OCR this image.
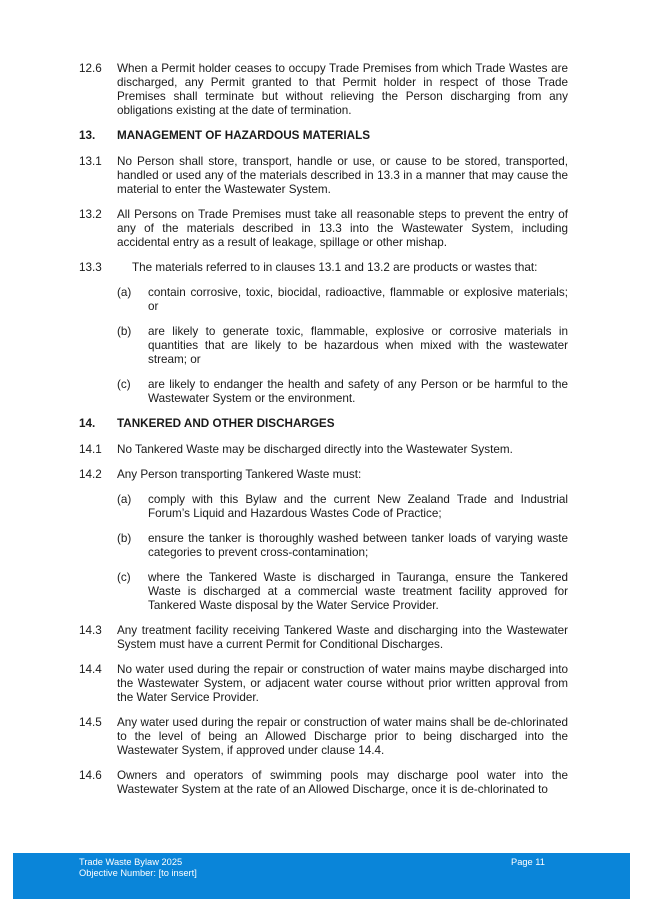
12.6	When a Permit holder ceases to occupy Trade Premises from which Trade Wastes are discharged, any Permit granted to that Permit holder in respect of those Trade Premises shall terminate but without relieving the Person discharging from any obligations existing at the date of termination.
13.	MANAGEMENT OF HAZARDOUS MATERIALS
13.1	No Person shall store, transport, handle or use, or cause to be stored, transported, handled or used any of the materials described in 13.3 in a manner that may cause the material to enter the Wastewater System.
13.2	All Persons on Trade Premises must take all reasonable steps to prevent the entry of any of the materials described in 13.3 into the Wastewater System, including accidental entry as a result of leakage, spillage or other mishap.
13.3	The materials referred to in clauses 13.1 and 13.2 are products or wastes that:
(a)	contain corrosive, toxic, biocidal, radioactive, flammable or explosive materials; or
(b)	are likely to generate toxic, flammable, explosive or corrosive materials in quantities that are likely to be hazardous when mixed with the wastewater stream; or
(c)	are likely to endanger the health and safety of any Person or be harmful to the Wastewater System or the environment.
14.	TANKERED AND OTHER DISCHARGES
14.1	No Tankered Waste may be discharged directly into the Wastewater System.
14.2	Any Person transporting Tankered Waste must:
(a)	comply with this Bylaw and the current New Zealand Trade and Industrial Forum’s Liquid and Hazardous Wastes Code of Practice;
(b)	ensure the tanker is thoroughly washed between tanker loads of varying waste categories to prevent cross-contamination;
(c)	where the Tankered Waste is discharged in Tauranga, ensure the Tankered Waste is discharged at a commercial waste treatment facility approved for Tankered Waste disposal by the Water Service Provider.
14.3	Any treatment facility receiving Tankered Waste and discharging into the Wastewater System must have a current Permit for Conditional Discharges.
14.4	No water used during the repair or construction of water mains maybe discharged into the Wastewater System, or adjacent water course without prior written approval from the Water Service Provider.
14.5	Any water used during the repair or construction of water mains shall be de-chlorinated to the level of being an Allowed Discharge prior to being discharged into the Wastewater System, if approved under clause 14.4.
14.6	Owners and operators of swimming pools may discharge pool water into the Wastewater System at the rate of an Allowed Discharge, once it is de-chlorinated to
Trade Waste Bylaw 2025
Objective Number: [to insert]
Page 11
